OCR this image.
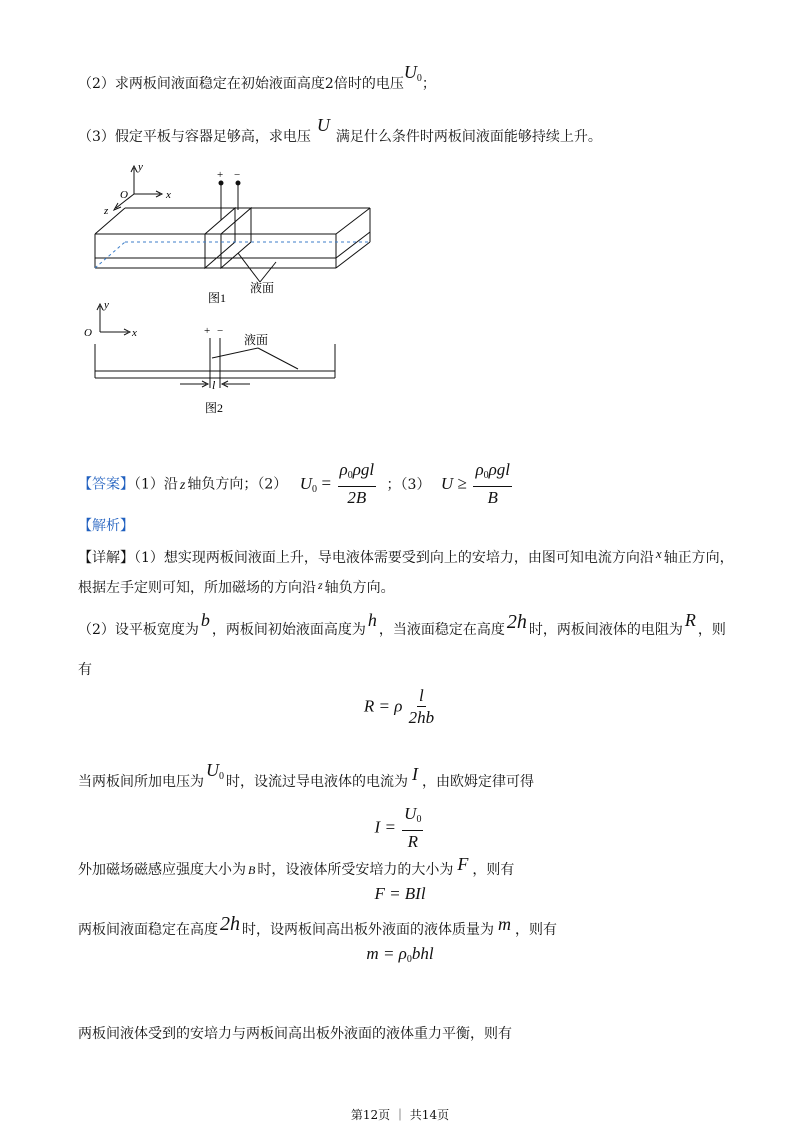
（2）求两板间液面稳定在初始液面高度2倍时的电压$U_0$；
（3）假定平板与容器足够高，求电压U满足什么条件时两板间液面能够持续上升。
y
O	x
z
+ −
液面
图1
y
O	x	+ −
液面
l
图2
【答案】（1）沿 z 轴负方向；（2） $U_0 = \frac{\rho_0\rho gl}{2B}$ ；（3） $U \ge \frac{\rho_0\rho gl}{B}$
【解析】
【详解】（1）想实现两板间液面上升，导电液体需要受到向上的安培力，由图可知电流方向沿 x 轴正方向，
根据左手定则可知，所加磁场的方向沿 z 轴负方向。
（2）设平板宽度为 b ，两板间初始液面高度为 h ，当液面稳定在高度 2h 时，两板间液体的电阻为 R ，则
有
R = ρ $\frac{l}{2hb}$
当两板间所加电压为$U_0$ 时，设流过导电液体的电流为 I ，由欧姆定律可得
$I = \frac{U_0}{R}$
外加磁场磁感应强度大小为 B 时，设液体所受安培力的大小为 F ，则有
F = BIl
两板间液面稳定在高度 2h 时，设两板间高出板外液面的液体质量为 m ，则有
$m = \rho_0bhl$
两板间液体受到的安培力与两板间高出板外液面的液体重力平衡，则有
第12页 ｜ 共14页
